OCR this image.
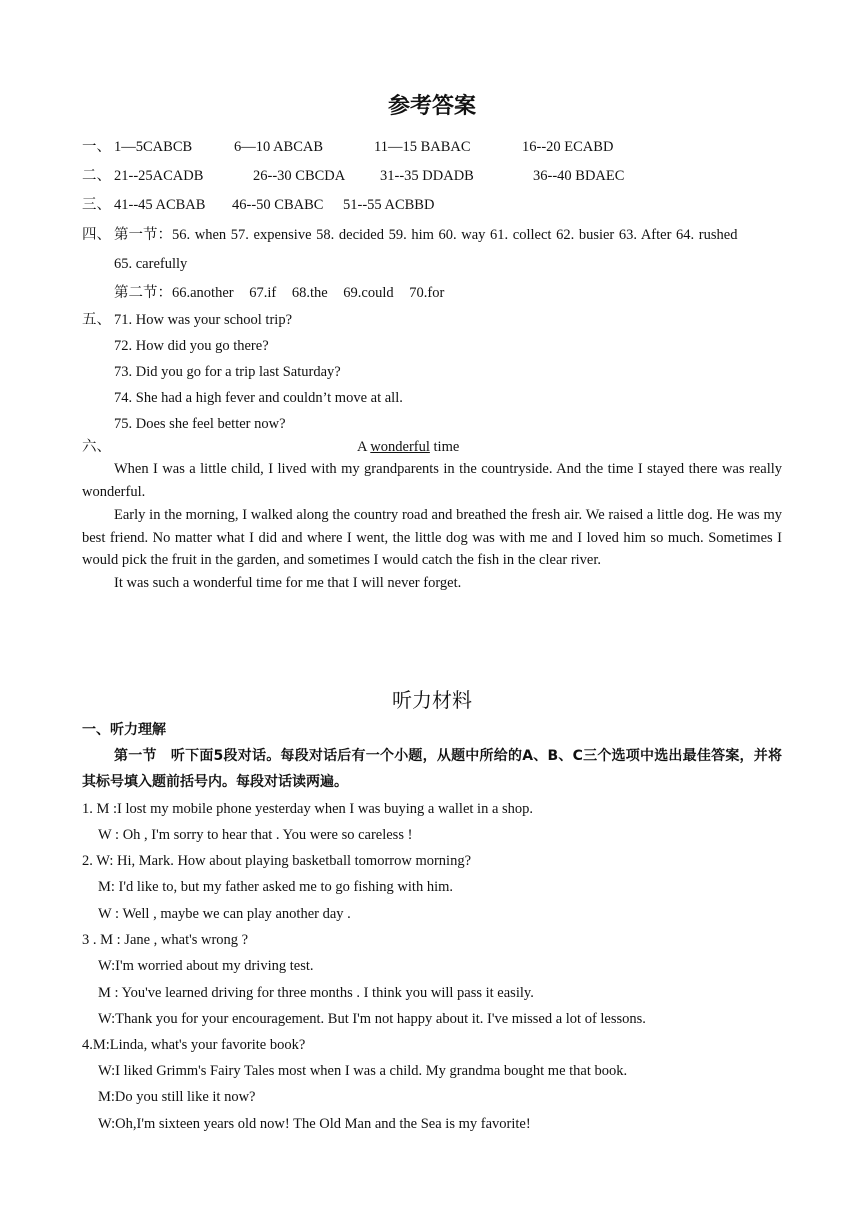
参考答案
一、 1—5CABCB	6—10 ABCAB	11—15 BABAC	16--20 ECABD
二、 21--25ACADB	26--30 CBCDA 31--35 DDADB	36--40 BDAEC
三、 41--45 ACBAB 46--50 CBABC 51--55 ACBBD
四、 第一节：56. when 57. expensive 58. decided 59. him 60. way 61. collect 62. busier 63. After 64. rushed
65. carefully
第二节：66.another 67.if 68.the 69.could 70.for
五、 71. How was your school trip?
72. How did you go there?
73. Did you go for a trip last Saturday?
74. She had a high fever and couldn’t move at all.
75. Does she feel better now?
六、	A wonderful time
When I was a little child, I lived with my grandparents in the countryside. And the time I stayed there was really wonderful.
Early in the morning, I walked along the country road and breathed the fresh air. We raised a little dog. He was my best friend. No matter what I did and where I went, the little dog was with me and I loved him so much. Sometimes I would pick the fruit in the garden, and sometimes I would catch the fish in the clear river.
It was such a wonderful time for me that I will never forget.
听力材料
一、听力理解
第一节　听下面5段对话。每段对话后有一个小题，从题中所给的A、B、C三个选项中选出最佳答案，并将其标号填入题前括号内。每段对话读两遍。
1. M :I lost my mobile phone yesterday when I was buying a wallet in a shop.
W : Oh , I'm sorry to hear that . You were so careless !
2. W: Hi, Mark. How about playing basketball tomorrow morning?
M: I'd like to, but my father asked me to go fishing with him.
W : Well , maybe we can play another day .
3 . M : Jane , what's wrong ?
W:I'm worried about my driving test.
M : You've learned driving for three months . I think you will pass it easily.
W:Thank you for your encouragement. But I'm not happy about it. I've missed a lot of lessons.
4.M:Linda, what's your favorite book?
W:I liked Grimm's Fairy Tales most when I was a child. My grandma bought me that book.
M:Do you still like it now?
W:Oh,I'm sixteen years old now! The Old Man and the Sea is my favorite!
